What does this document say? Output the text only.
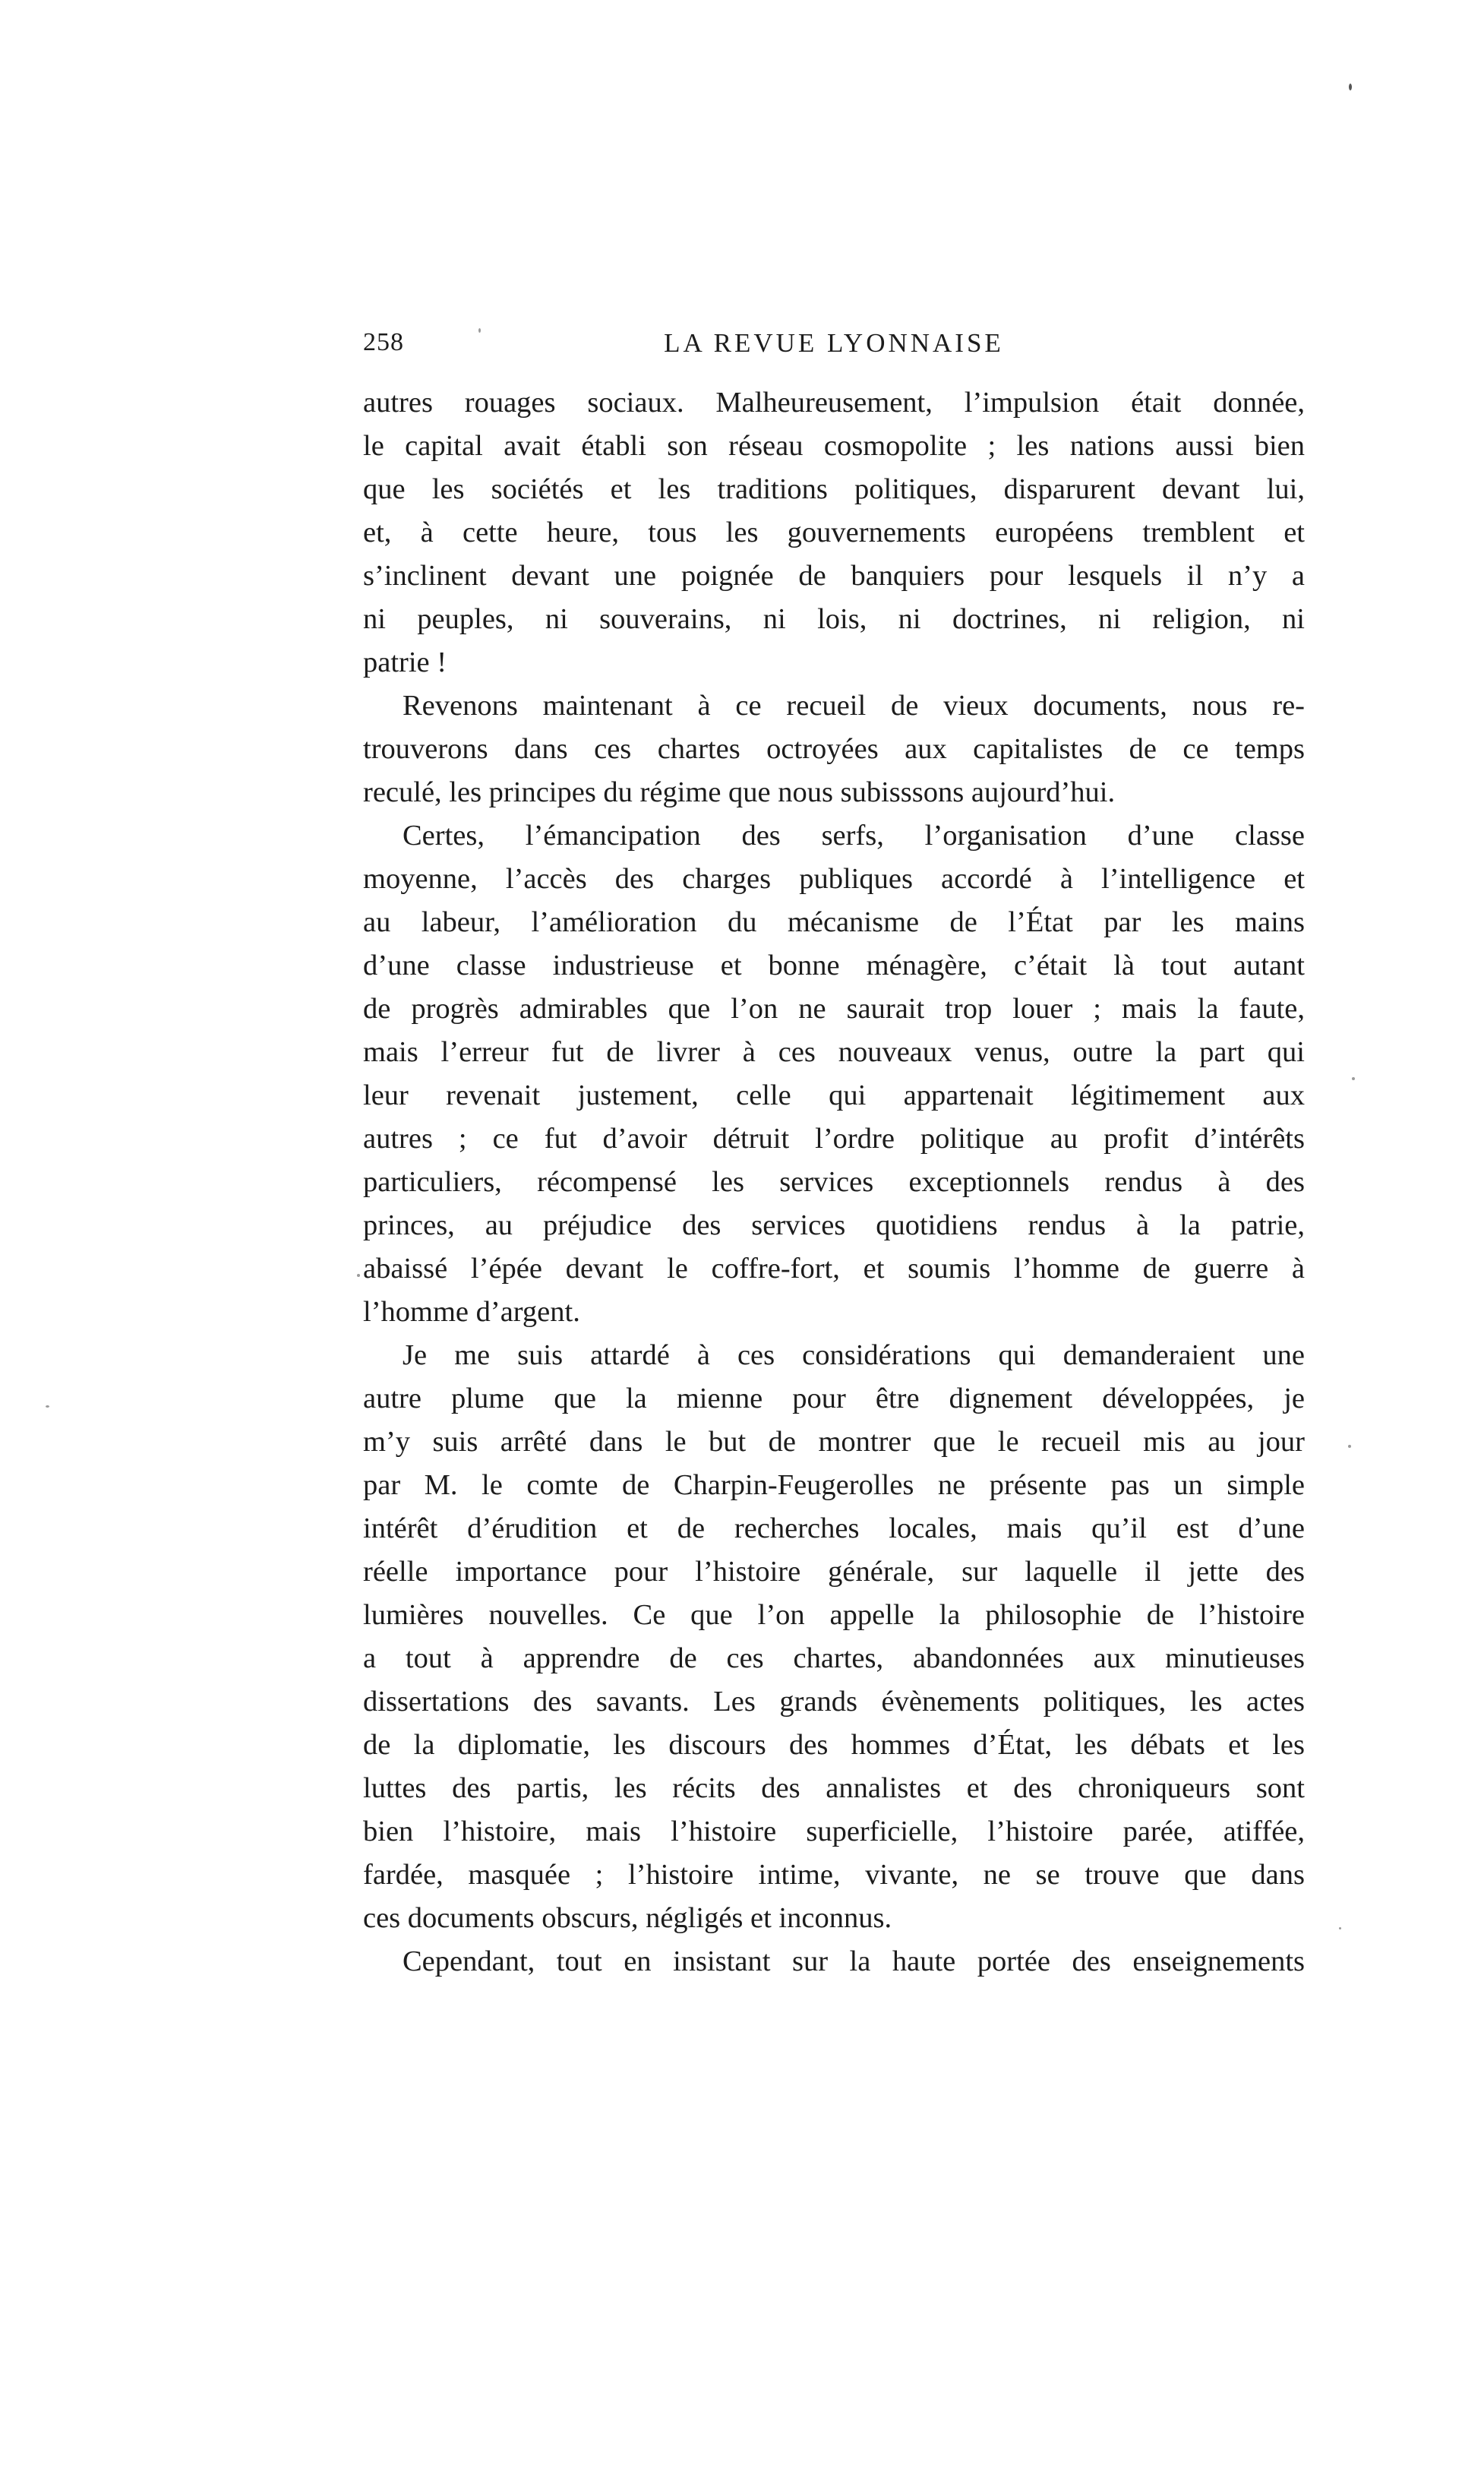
258	LA REVUE LYONNAISE
autres rouages sociaux. Malheureusement, l’impulsion était donnée,
le capital avait établi son réseau cosmopolite ; les nations aussi bien
que les sociétés et les traditions politiques, disparurent devant lui,
et, à cette heure, tous les gouvernements européens tremblent et
s’inclinent devant une poignée de banquiers pour lesquels il n’y a
ni peuples, ni souverains, ni lois, ni doctrines, ni religion, ni
patrie !
Revenons maintenant à ce recueil de vieux documents, nous re-
trouverons dans ces chartes octroyées aux capitalistes de ce temps
reculé, les principes du régime que nous subisssons aujourd’hui.
Certes, l’émancipation des serfs, l’organisation d’une classe
moyenne, l’accès des charges publiques accordé à l’intelligence et
au labeur, l’amélioration du mécanisme de l’État par les mains
d’une classe industrieuse et bonne ménagère, c’était là tout autant
de progrès admirables que l’on ne saurait trop louer ; mais la faute,
mais l’erreur fut de livrer à ces nouveaux venus, outre la part qui
leur revenait justement, celle qui appartenait légitimement aux
autres ; ce fut d’avoir détruit l’ordre politique au profit d’intérêts
particuliers, récompensé les services exceptionnels rendus à des
princes, au préjudice des services quotidiens rendus à la patrie,
abaissé l’épée devant le coffre-fort, et soumis l’homme de guerre à
l’homme d’argent.
Je me suis attardé à ces considérations qui demanderaient une
autre plume que la mienne pour être dignement développées, je
m’y suis arrêté dans le but de montrer que le recueil mis au jour
par M. le comte de Charpin-Feugerolles ne présente pas un simple
intérêt d’érudition et de recherches locales, mais qu’il est d’une
réelle importance pour l’histoire générale, sur laquelle il jette des
lumières nouvelles. Ce que l’on appelle la philosophie de l’histoire
a tout à apprendre de ces chartes, abandonnées aux minutieuses
dissertations des savants. Les grands évènements politiques, les actes
de la diplomatie, les discours des hommes d’État, les débats et les
luttes des partis, les récits des annalistes et des chroniqueurs sont
bien l’histoire, mais l’histoire superficielle, l’histoire parée, atiffée,
fardée, masquée ; l’histoire intime, vivante, ne se trouve que dans
ces documents obscurs, négligés et inconnus.
Cependant, tout en insistant sur la haute portée des enseignements
